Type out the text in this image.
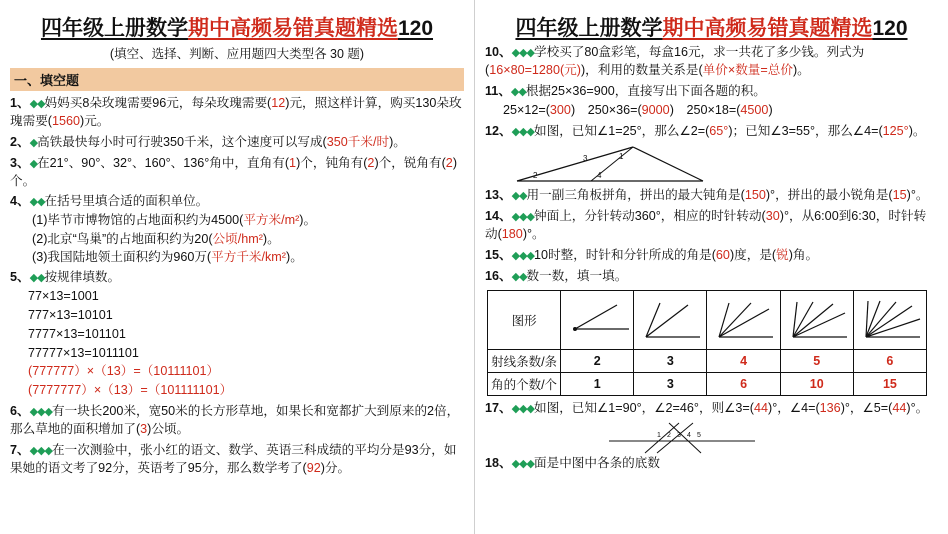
四年级上册数学期中高频易错真题精选120
(填空、选择、判断、应用题四大类型各 30 题)
一、填空题
1、◆◆妈妈买8朵玫瑰需要96元，每朵玫瑰需要(12)元，照这样计算，购买130朵玫瑰需要(1560)元。
2、◆高铁最快每小时可行驶350千米，这个速度可以写成(350千米/时)。
3、◆在21°、90°、32°、160°、136°角中，直角有(1)个，钝角有(2)个，锐角有(2)个。
4、◆◆在括号里填合适的面积单位。
(1)毕节市博物馆的占地面积约为4500(平方米/m²)。
(2)北京“鸟巢”的占地面积约为20(公顷/hm²)。
(3)我国陆地领土面积约为960万(平方千米/km²)。
5、◆◆按规律填数。
77×13=1001
777×13=10101
7777×13=101101
77777×13=1011101
(777777）×（13）=（10111101）
(7777777）×（13）=（101111101）
6、◆◆◆有一块长200米，宽50米的长方形草地，如果长和宽都扩大到原来的2倍，那么草地的面积增加了(3)公顷。
7、◆◆◆在一次测验中，张小红的语文、数学、英语三科成绩的平均分是93分，如果她的语文考了92分，英语考了95分，那么数学考了(92)分。
四年级上册数学期中高频易错真题精选120
10、◆◆◆学校买了80盒彩笔，每盒16元，求一共花了多少钱。列式为(16×80=1280(元))，利用的数量关系是(单价×数量=总价)。
11、◆◆根据25×36=900，直接写出下面各题的积。
25×12=(300)　250×36=(9000)　250×18=(4500)
12、◆◆◆如图，已知∠1=25°，那么∠2=(65°)；已知∠3=55°，那么∠4=(125°)。
2
3	1
4
13、◆◆用一副三角板拼角，拼出的最大钝角是(150)°，拼出的最小锐角是(15)°。
14、◆◆◆钟面上，分针转动360°，相应的时针转动(30)°，从6:00到6:30，时针转动(180)°。
15、◆◆◆10时整，时针和分针所成的角是(60)度，是(锐)角。
16、◆◆数一数，填一填。
图形	

射线条数/条	2	3	4	5	6
角的个数/个	1	3	6	10	15
17、◆◆◆如图，已知∠1=90°，∠2=46°，则∠3=(44)°，∠4=(136)°，∠5=(44)°。
1 2 3 4 5
18、◆◆◆面是中图中各条的底数
